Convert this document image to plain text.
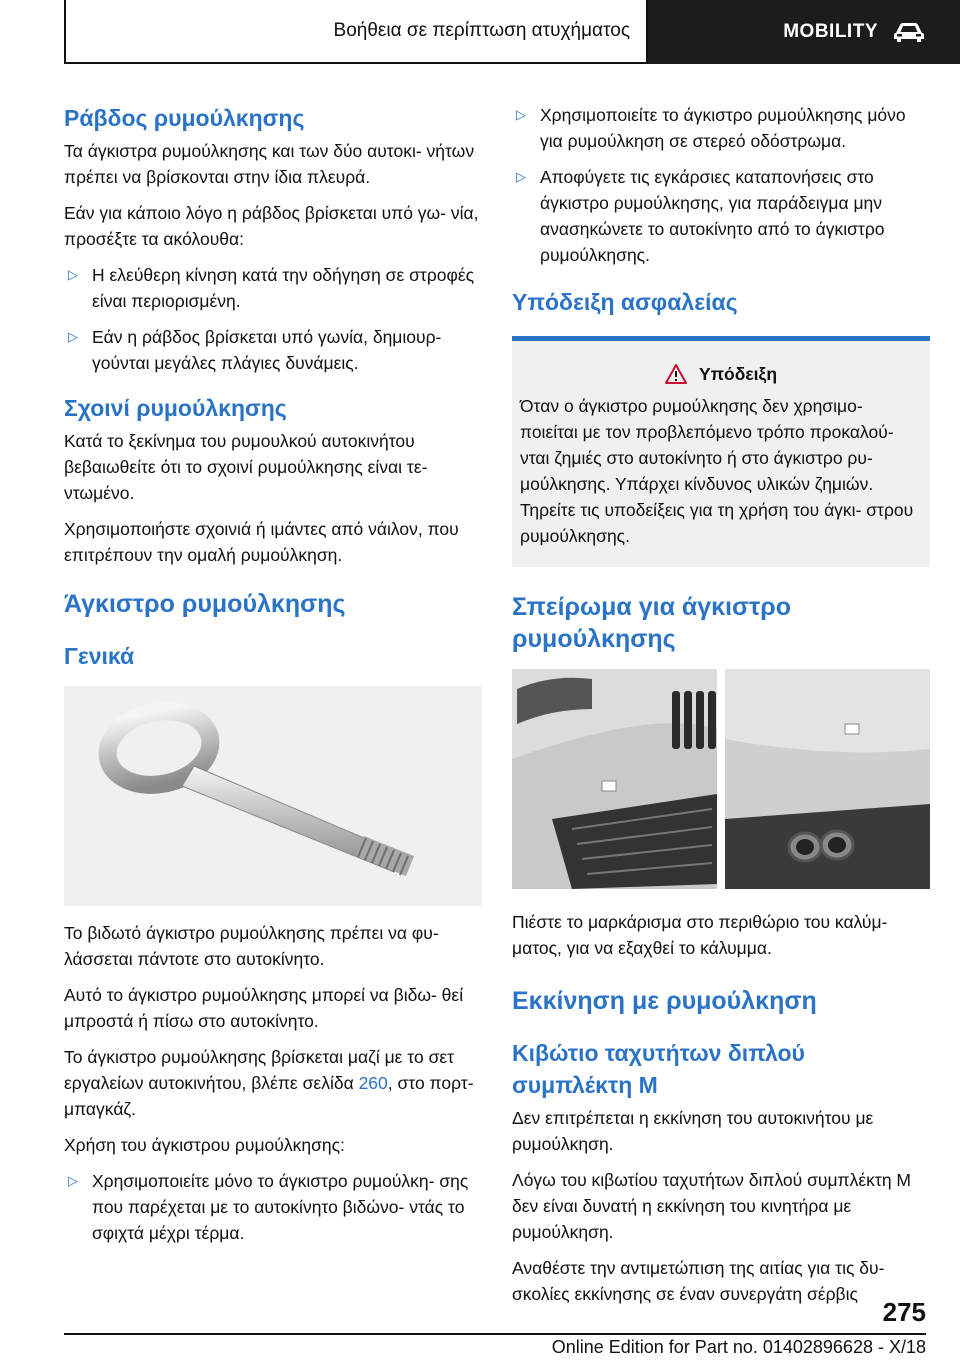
Βοήθεια σε περίπτωση ατυχήματος	MOBILITY
Ράβδος ρυμούλκησης

Τα άγκιστρα ρυμούλκησης και των δύο αυτοκι‐ νήτων πρέπει να βρίσκονται στην ίδια πλευρά.

Εάν για κάποιο λόγο η ράβδος βρίσκεται υπό γω‐ νία, προσέξτε τα ακόλουθα:

▷ Η ελεύθερη κίνηση κατά την οδήγηση σε στροφές είναι περιορισμένη.
▷ Εάν η ράβδος βρίσκεται υπό γωνία, δημιουρ‐ γούνται μεγάλες πλάγιες δυνάμεις.
Σχοινί ρυμούλκησης

Κατά το ξεκίνημα του ρυμουλκού αυτοκινήτου βεβαιωθείτε ότι το σχοινί ρυμούλκησης είναι τε‐ ντωμένο.

Χρησιμοποιήστε σχοινιά ή ιμάντες από νάιλον, που επιτρέπουν την ομαλή ρυμούλκηση.

Άγκιστρο ρυμούλκησης
Γενικά

Το βιδωτό άγκιστρο ρυμούλκησης πρέπει να φυ‐ λάσσεται πάντοτε στο αυτοκίνητο.

Αυτό το άγκιστρο ρυμούλκησης μπορεί να βιδω‐ θεί μπροστά ή πίσω στο αυτοκίνητο.

Το άγκιστρο ρυμούλκησης βρίσκεται μαζί με το σετ εργαλείων αυτοκινήτου, βλέπε σελίδα 260, στο πορτ-μπαγκάζ.

Χρήση του άγκιστρου ρυμούλκησης:

▷ Χρησιμοποιείτε μόνο το άγκιστρο ρυμούλκη‐ σης που παρέχεται με το αυτοκίνητο βιδώνο‐ ντάς το σφιχτά μέχρι τέρμα.
▷ Χρησιμοποιείτε το άγκιστρο ρυμούλκησης μόνο για ρυμούλκηση σε στερεό οδόστρωμα.
▷ Αποφύγετε τις εγκάρσιες καταπονήσεις στο άγκιστρο ρυμούλκησης, για παράδειγμα μην ανασηκώνετε το αυτοκίνητο από το άγκιστρο ρυμούλκησης.
Υπόδειξη ασφαλείας
Υπόδειξη
Όταν ο άγκιστρο ρυμούλκησης δεν χρησιμο‐ ποιείται με τον προβλεπόμενο τρόπο προκαλού‐ νται ζημιές στο αυτοκίνητο ή στο άγκιστρο ρυ‐ μούλκησης. Υπάρχει κίνδυνος υλικών ζημιών. Τηρείτε τις υποδείξεις για τη χρήση του άγκι‐ στρου ρυμούλκησης.
Σπείρωμα για άγκιστρο ρυμούλκησης

Πιέστε το μαρκάρισμα στο περιθώριο του καλύμ‐ ματος, για να εξαχθεί το κάλυμμα.

Εκκίνηση με ρυμούλκηση
Κιβώτιο ταχυτήτων διπλού συμπλέκτη Μ

Δεν επιτρέπεται η εκκίνηση του αυτοκινήτου με ρυμούλκηση.

Λόγω του κιβωτίου ταχυτήτων διπλού συμπλέκτη Μ δεν είναι δυνατή η εκκίνηση του κινητήρα με ρυμούλκηση.

Αναθέστε την αντιμετώπιση της αιτίας για τις δυ‐ σκολίες εκκίνησης σε έναν συνεργάτη σέρβις

275
Online Edition for Part no. 01402896628 - X/18
